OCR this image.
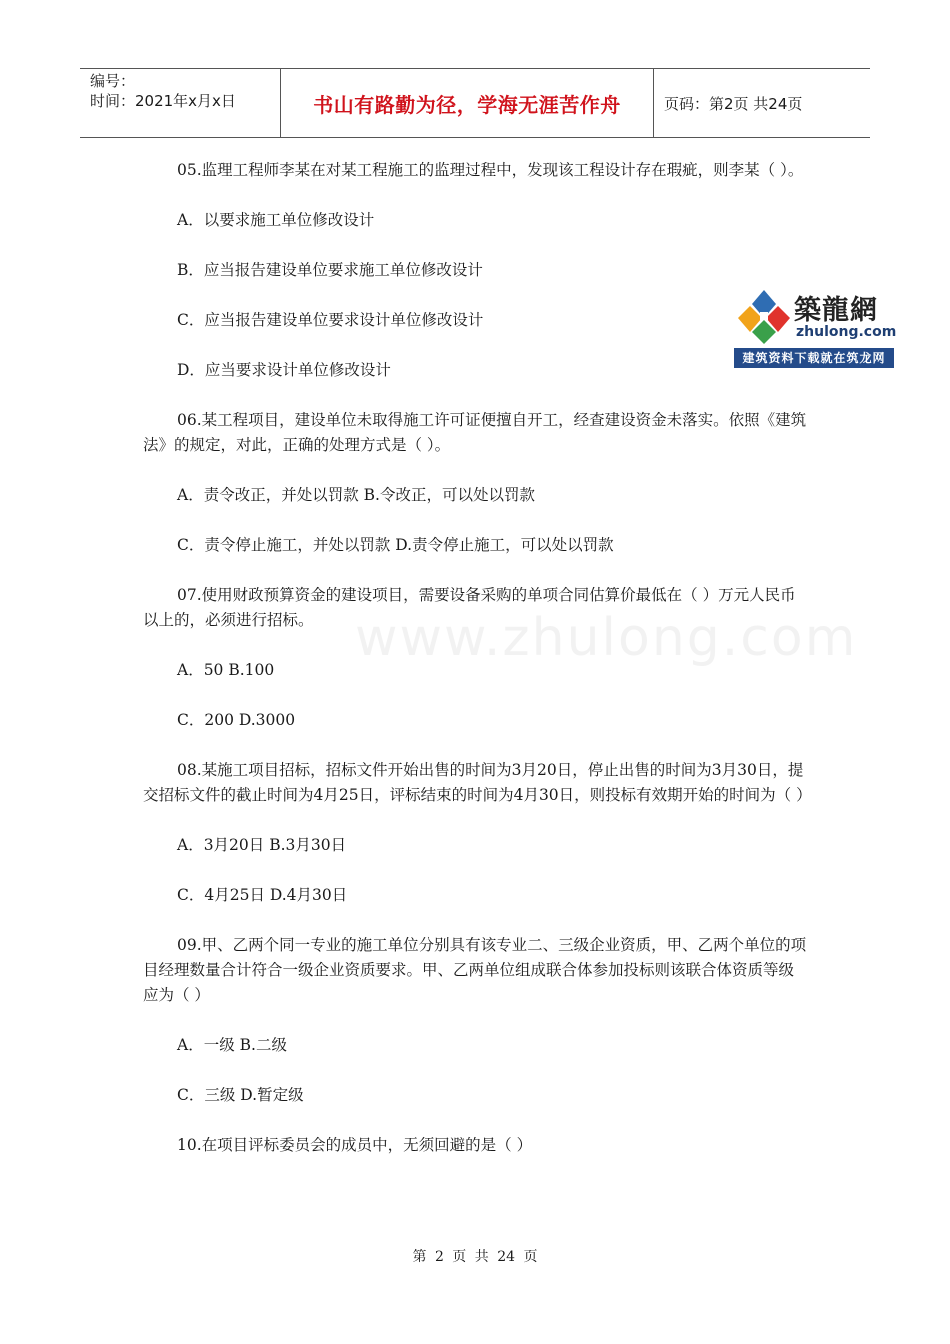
编号：
时间：2021年x月x日	书山有路勤为径，学海无涯苦作舟	页码：第2页 共24页
www.zhulong.com

05.监理工程师李某在对某工程施工的监理过程中，发现该工程设计存在瑕疵，则李某（ ）。

A．以要求施工单位修改设计

B．应当报告建设单位要求施工单位修改设计

C．应当报告建设单位要求设计单位修改设计

D．应当要求设计单位修改设计

06.某工程项目，建设单位未取得施工许可证便擅自开工，经查建设资金未落实。依照《建筑法》的规定，对此，正确的处理方式是（ ）。

A．责令改正，并处以罚款 B.令改正，可以处以罚款

C．责令停止施工，并处以罚款 D.责令停止施工，可以处以罚款

07.使用财政预算资金的建设项目，需要设备采购的单项合同估算价最低在（ ）万元人民币以上的，必须进行招标。

A．50 B.100

C．200 D.3000

08.某施工项目招标，招标文件开始出售的时间为3月20日，停止出售的时间为3月30日，提交招标文件的截止时间为4月25日，评标结束的时间为4月30日，则投标有效期开始的时间为（ ）

A．3月20日 B.3月30日

C．4月25日 D.4月30日

09.甲、乙两个同一专业的施工单位分别具有该专业二、三级企业资质，甲、乙两个单位的项目经理数量合计符合一级企业资质要求。甲、乙两单位组成联合体参加投标则该联合体资质等级应为（ ）

A．一级 B.二级

C．三级 D.暂定级

10.在项目评标委员会的成员中，无须回避的是（ ）

築龍網
zhulong.com
建筑资料下载就在筑龙网
第 2 页 共 24 页
